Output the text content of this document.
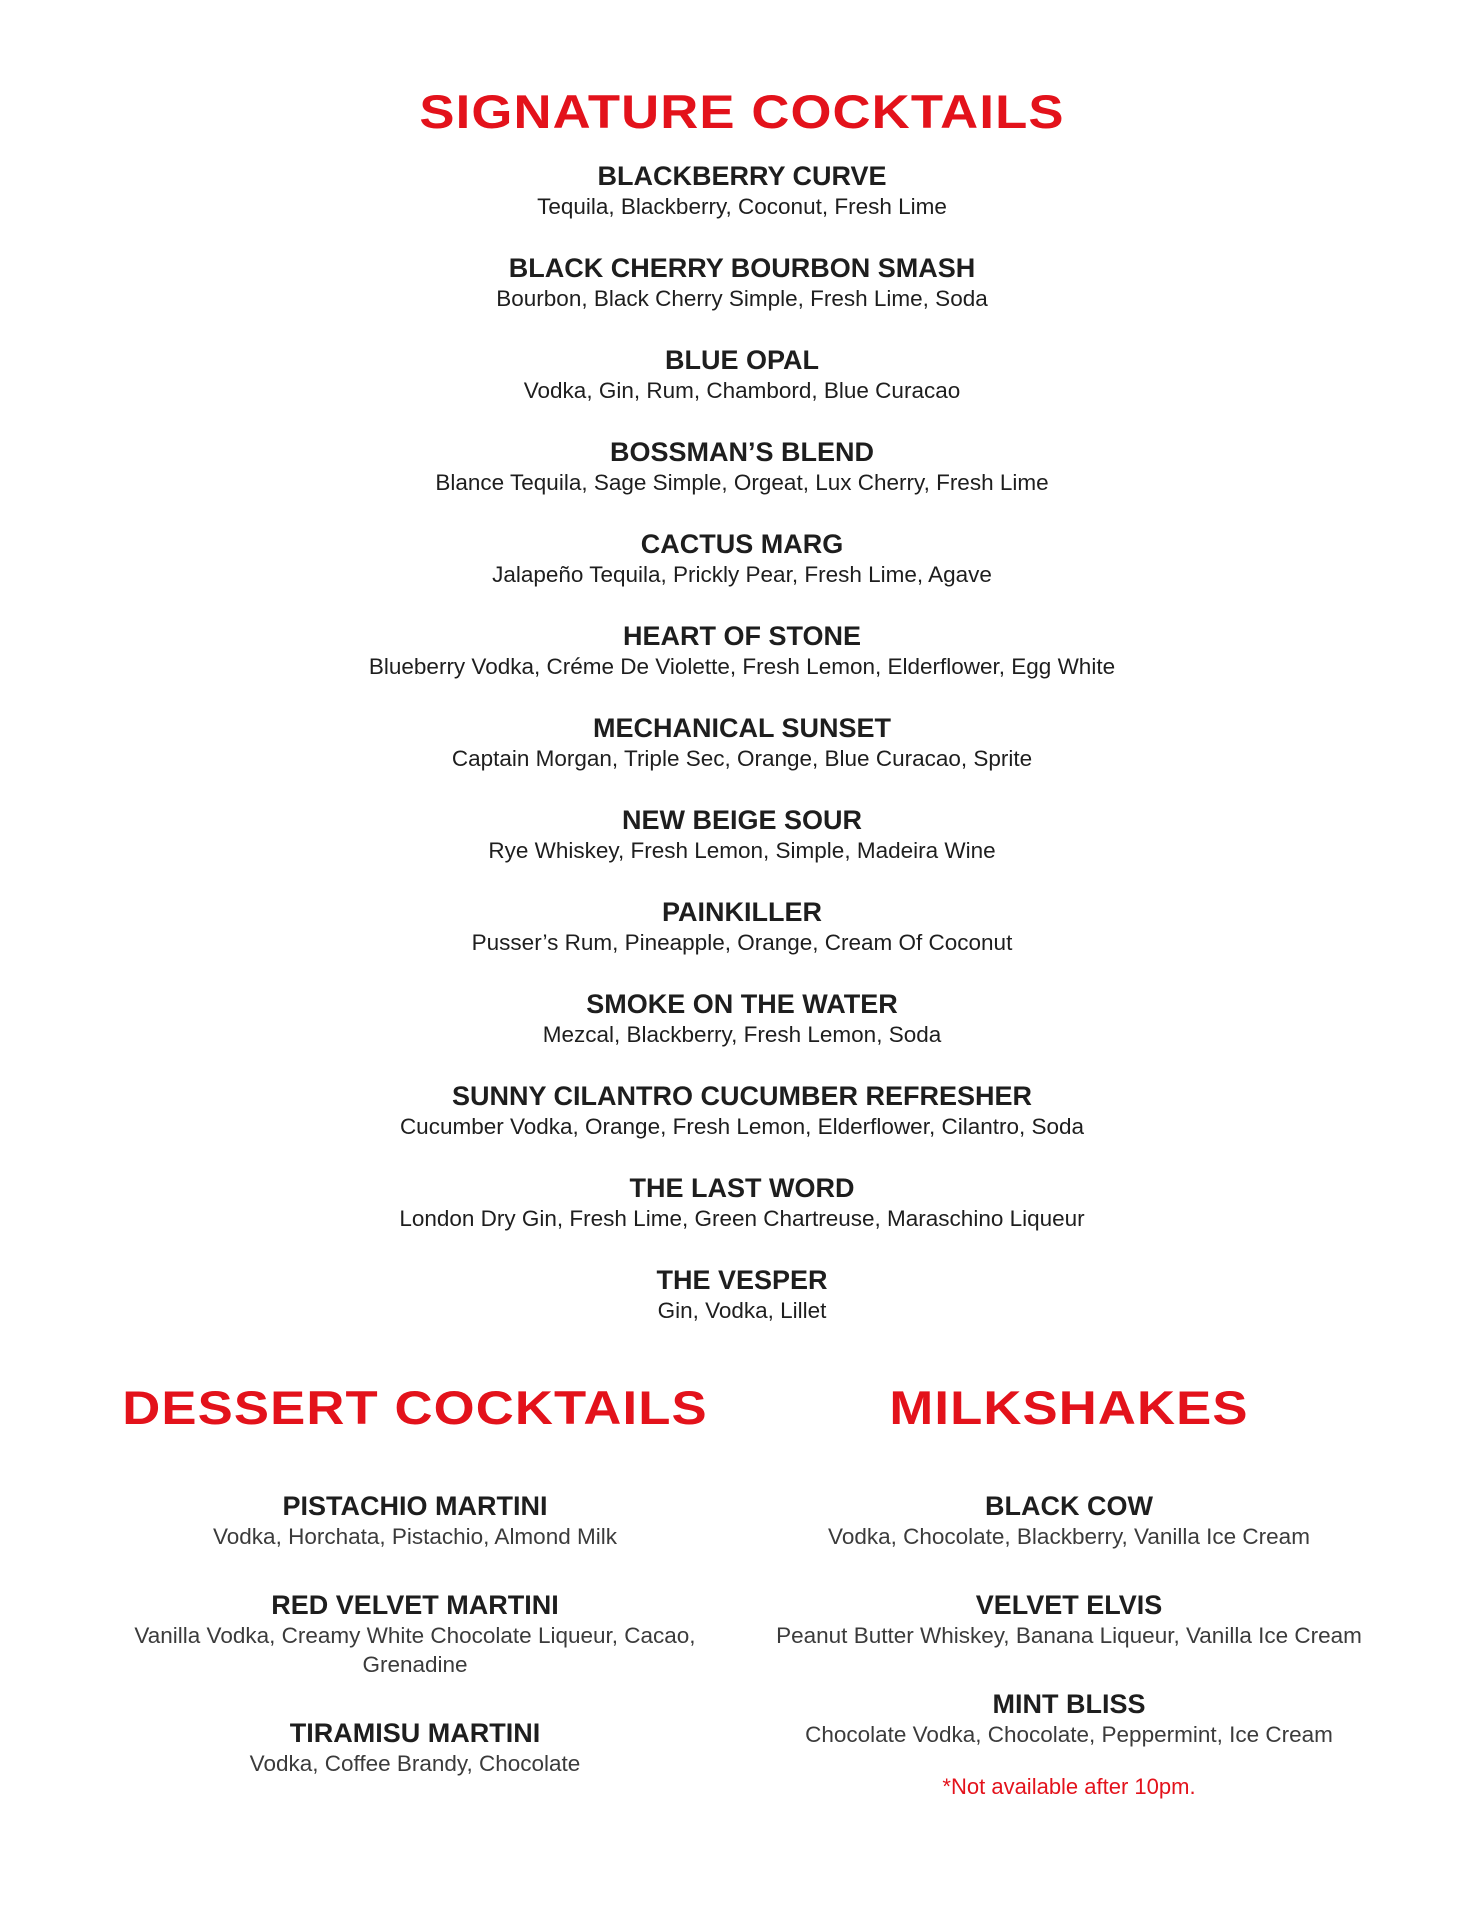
SIGNATURE COCKTAILS
BLACKBERRY CURVE
Tequila, Blackberry, Coconut, Fresh Lime
BLACK CHERRY BOURBON SMASH
Bourbon, Black Cherry Simple, Fresh Lime, Soda
BLUE OPAL
Vodka, Gin, Rum, Chambord, Blue Curacao
BOSSMAN’S BLEND
Blance Tequila, Sage Simple, Orgeat, Lux Cherry, Fresh Lime
CACTUS MARG
Jalapeño Tequila, Prickly Pear, Fresh Lime, Agave
HEART OF STONE
Blueberry Vodka, Créme De Violette, Fresh Lemon, Elderflower, Egg White
MECHANICAL SUNSET
Captain Morgan, Triple Sec, Orange, Blue Curacao, Sprite
NEW BEIGE SOUR
Rye Whiskey, Fresh Lemon, Simple, Madeira Wine
PAINKILLER
Pusser’s Rum, Pineapple, Orange, Cream Of Coconut
SMOKE ON THE WATER
Mezcal, Blackberry, Fresh Lemon, Soda
SUNNY CILANTRO CUCUMBER REFRESHER
Cucumber Vodka, Orange, Fresh Lemon, Elderflower, Cilantro, Soda
THE LAST WORD
London Dry Gin, Fresh Lime, Green Chartreuse, Maraschino Liqueur
THE VESPER
Gin, Vodka, Lillet
DESSERT COCKTAILS	MILKSHAKES
PISTACHIO MARTINI
Vodka, Horchata, Pistachio, Almond Milk
RED VELVET MARTINI
Vanilla Vodka, Creamy White Chocolate Liqueur, Cacao, Grenadine
TIRAMISU MARTINI
Vodka, Coffee Brandy, Chocolate
BLACK COW
Vodka, Chocolate, Blackberry, Vanilla Ice Cream
VELVET ELVIS
Peanut Butter Whiskey, Banana Liqueur, Vanilla Ice Cream
MINT BLISS
Chocolate Vodka, Chocolate, Peppermint, Ice Cream
*Not available after 10pm.
